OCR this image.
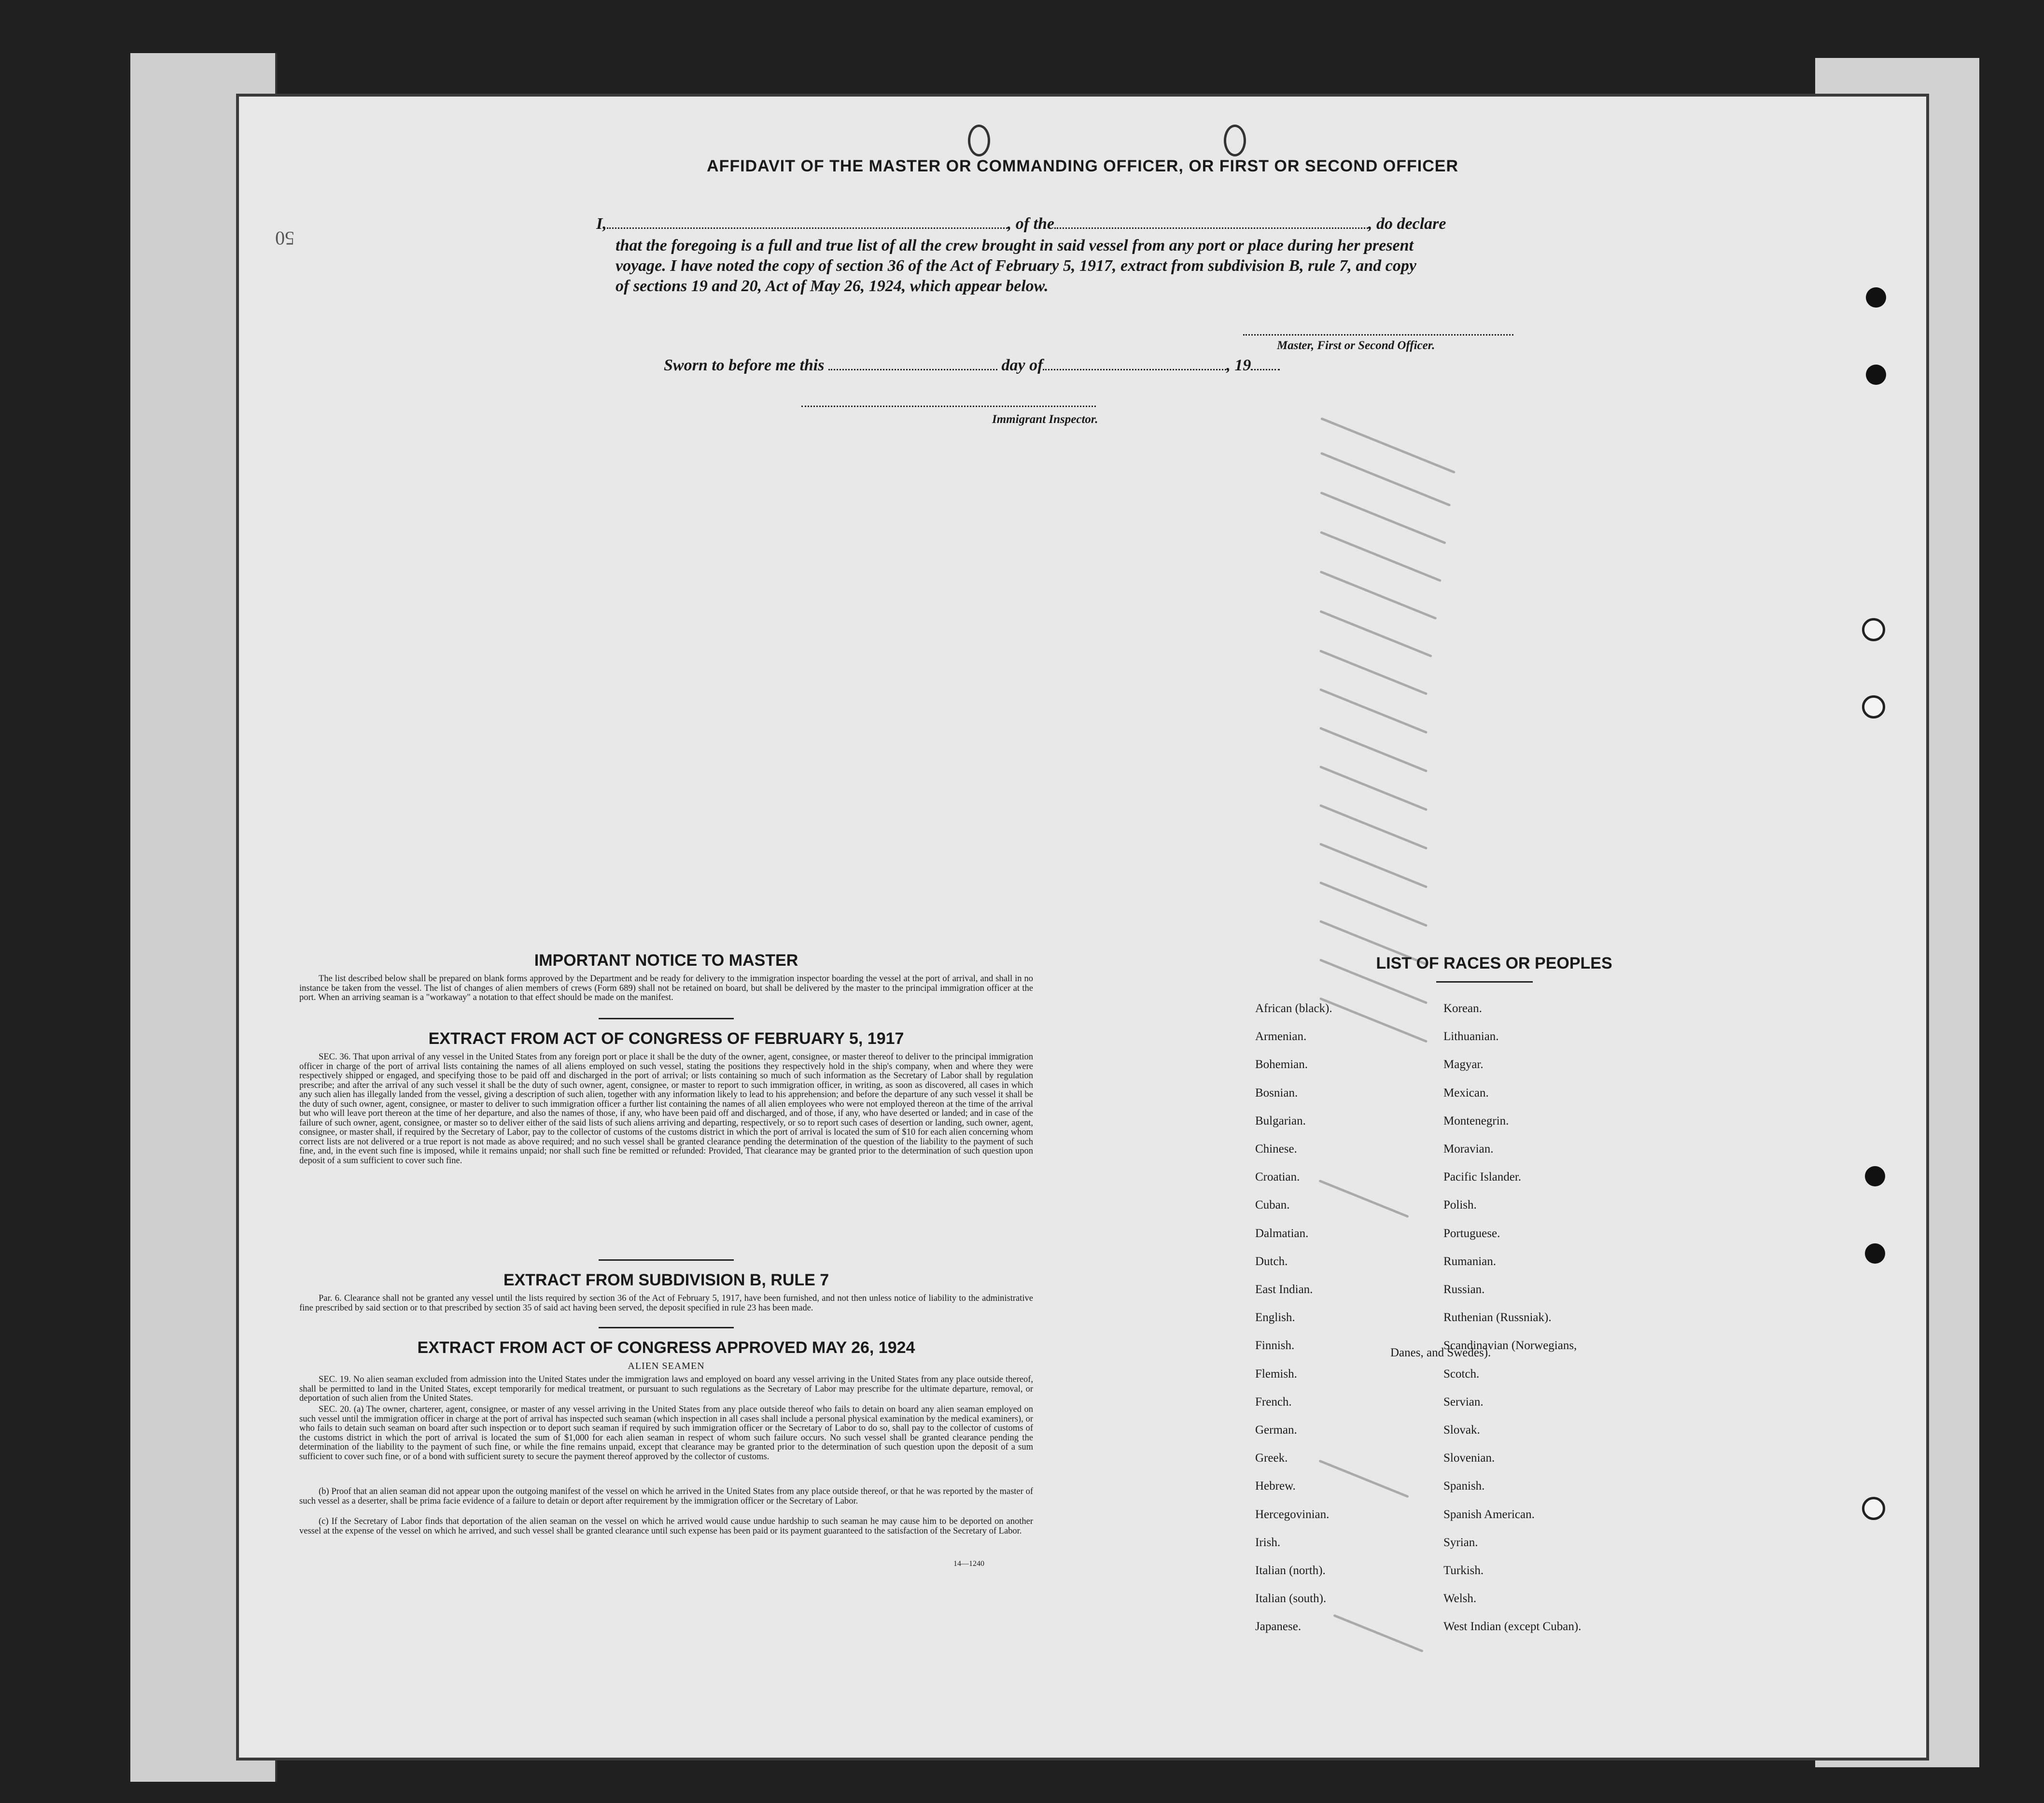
AFFIDAVIT OF THE MASTER OR COMMANDING OFFICER, OR FIRST OR SECOND OFFICER
I,	, of the	, do declare
that the foregoing is a full and true list of all the crew brought in said vessel from any port or place during her present
voyage. I have noted the copy of section 36 of the Act of February 5, 1917, extract from subdivision B, rule 7, and copy
of sections 19 and 20, Act of May 26, 1924, which appear below.
Master, First or Second Officer.
Sworn to before me this	day of	, 19
Immigrant Inspector.
IMPORTANT NOTICE TO MASTER
The list described below shall be prepared on blank forms approved by the Department and be ready for delivery to the immigration inspector boarding the vessel at the port of arrival, and shall in no instance be taken from the vessel. The list of changes of alien members of crews (Form 689) shall not be retained on board, but shall be delivered by the master to the principal immigration officer at the port. When an arriving seaman is a "workaway" a notation to that effect should be made on the manifest.
EXTRACT FROM ACT OF CONGRESS OF FEBRUARY 5, 1917
SEC. 36. That upon arrival of any vessel in the United States from any foreign port or place it shall be the duty of the owner, agent, consignee, or master thereof to deliver to the principal immigration officer in charge of the port of arrival lists containing the names of all aliens employed on such vessel, stating the positions they respectively hold in the ship's company, when and where they were respectively shipped or engaged, and specifying those to be paid off and discharged in the port of arrival; or lists containing so much of such information as the Secretary of Labor shall by regulation prescribe; and after the arrival of any such vessel it shall be the duty of such owner, agent, consignee, or master to report to such immigration officer, in writing, as soon as discovered, all cases in which any such alien has illegally landed from the vessel, giving a description of such alien, together with any information likely to lead to his apprehension; and before the departure of any such vessel it shall be the duty of such owner, agent, consignee, or master to deliver to such immigration officer a further list containing the names of all alien employees who were not employed thereon at the time of the arrival but who will leave port thereon at the time of her departure, and also the names of those, if any, who have been paid off and discharged, and of those, if any, who have deserted or landed; and in case of the failure of such owner, agent, consignee, or master so to deliver either of the said lists of such aliens arriving and departing, respectively, or so to report such cases of desertion or landing, such owner, agent, consignee, or master shall, if required by the Secretary of Labor, pay to the collector of customs of the customs district in which the port of arrival is located the sum of $10 for each alien concerning whom correct lists are not delivered or a true report is not made as above required; and no such vessel shall be granted clearance pending the determination of the question of the liability to the payment of such fine, and, in the event such fine is imposed, while it remains unpaid; nor shall such fine be remitted or refunded: Provided, That clearance may be granted prior to the determination of such question upon deposit of a sum sufficient to cover such fine.
EXTRACT FROM SUBDIVISION B, RULE 7
Par. 6. Clearance shall not be granted any vessel until the lists required by section 36 of the Act of February 5, 1917, have been furnished, and not then unless notice of liability to the administrative fine prescribed by said section or to that prescribed by section 35 of said act having been served, the deposit specified in rule 23 has been made.
EXTRACT FROM ACT OF CONGRESS APPROVED MAY 26, 1924
ALIEN SEAMEN
SEC. 19. No alien seaman excluded from admission into the United States under the immigration laws and employed on board any vessel arriving in the United States from any place outside thereof, shall be permitted to land in the United States, except temporarily for medical treatment, or pursuant to such regulations as the Secretary of Labor may prescribe for the ultimate departure, removal, or deportation of such alien from the United States.
SEC. 20. (a) The owner, charterer, agent, consignee, or master of any vessel arriving in the United States from any place outside thereof who fails to detain on board any alien seaman employed on such vessel until the immigration officer in charge at the port of arrival has inspected such seaman (which inspection in all cases shall include a personal physical examination by the medical examiners), or who fails to detain such seaman on board after such inspection or to deport such seaman if required by such immigration officer or the Secretary of Labor to do so, shall pay to the collector of customs of the customs district in which the port of arrival is located the sum of $1,000 for each alien seaman in respect of whom such failure occurs. No such vessel shall be granted clearance pending the determination of the liability to the payment of such fine, or while the fine remains unpaid, except that clearance may be granted prior to the determination of such question upon the deposit of a sum sufficient to cover such fine, or of a bond with sufficient surety to secure the payment thereof approved by the collector of customs.
(b) Proof that an alien seaman did not appear upon the outgoing manifest of the vessel on which he arrived in the United States from any place outside thereof, or that he was reported by the master of such vessel as a deserter, shall be prima facie evidence of a failure to detain or deport after requirement by the immigration officer or the Secretary of Labor.
(c) If the Secretary of Labor finds that deportation of the alien seaman on the vessel on which he arrived would cause undue hardship to such seaman he may cause him to be deported on another vessel at the expense of the vessel on which he arrived, and such vessel shall be granted clearance until such expense has been paid or its payment guaranteed to the satisfaction of the Secretary of Labor.
14—1240
LIST OF RACES OR PEOPLES
Danes, and Swedes).
50
African (black).
Armenian.
Bohemian.
Bosnian.
Bulgarian.
Chinese.
Croatian.
Cuban.
Dalmatian.
Dutch.
East Indian.
English.
Finnish.
Flemish.
French.
German.
Greek.
Hebrew.
Hercegovinian.
Irish.
Italian (north).
Italian (south).
Japanese.
Korean.
Lithuanian.
Magyar.
Mexican.
Montenegrin.
Moravian.
Pacific Islander.
Polish.
Portuguese.
Rumanian.
Russian.
Ruthenian (Russniak).
Scandinavian (Norwegians,
Scotch.
Servian.
Slovak.
Slovenian.
Spanish.
Spanish American.
Syrian.
Turkish.
Welsh.
West Indian (except Cuban).
